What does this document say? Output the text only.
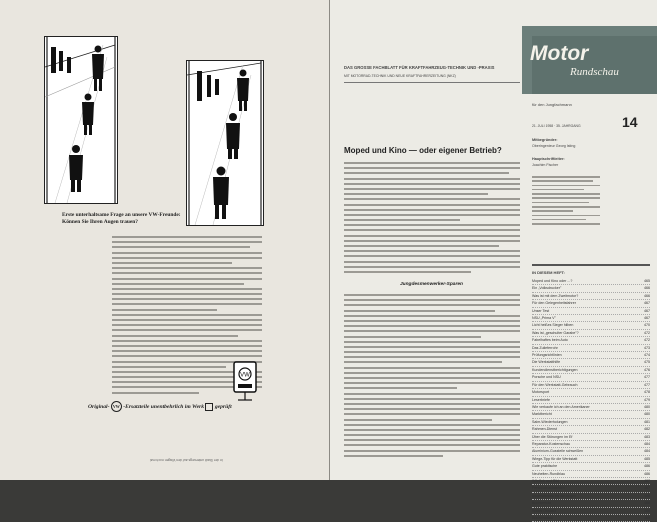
Erste unterhaltsame Frage an unsere VW-Freunde:
Können Sie Ihren Augen trauen?
VW
Original- VW -Ersatzteile unentbehrlich im Werk geprüft
In der Stadt unterwegs auf den Wagen noch mal
DAS GROSSE FACHBLATT FÜR KRAFTFAHRZEUG-TECHNIK UND -PRAXIS
MIT MOTORRAD-TECHNIK UND NEUE KRAFTFAHRERZEITUNG (NKZ)
Motor
Rundschau
für den Jungfachmann
21. JULI 1958 · 35. JAHRGANG	14
Mitbegründer:
Oberingenieur Georg Isting
Hauptschriftleiter:
Joachim Fischer
Moped und Kino — oder eigener Betrieb?
Jungdesmenwerker-Sparen
IN DIESEM HEFT:
Moped und Kino oder ...?	465
Ein „Volksdrucker"	466
Was ist mit dem Zweitmotor?	466
Für den Gelegenheitsfahrer	467
Unser Test	467
NSU „Prima V"	467
Licht heißes Sieger hilben	470
Was ist „geschulter Garabe"?	472
Fabelhaftes beim Auto	472
Das Zulieferrohr	473
Prüfungsrichtlinien	474
Die Werkstatthilfe	475
Kundendienstberichtigungen	476
Porsche und NSU	477
Für den Werkstatt-Gebrauch	477
Motorsport	478
Leserbriefe	479
Wie verkaufe ich an den Amerikaner	480
Marktbericht	480
Salm-Wiederholungen	481
Rahmen-Dienst	482
Über die Störungen im Ef	483
Reparatur-Kostenschau	484
Aluminium-Gussteile schweißen	484
Wiege-Tipp für die Werkstatt	485
Gute praktische	486
Neuheiten-Rundblau	486
Wörtlich und Bild	487
Personalnachrichten	487
Informationen für die Augen	488
Buchbericht	488
Walter Ostwald	488
Bücherschau	489
